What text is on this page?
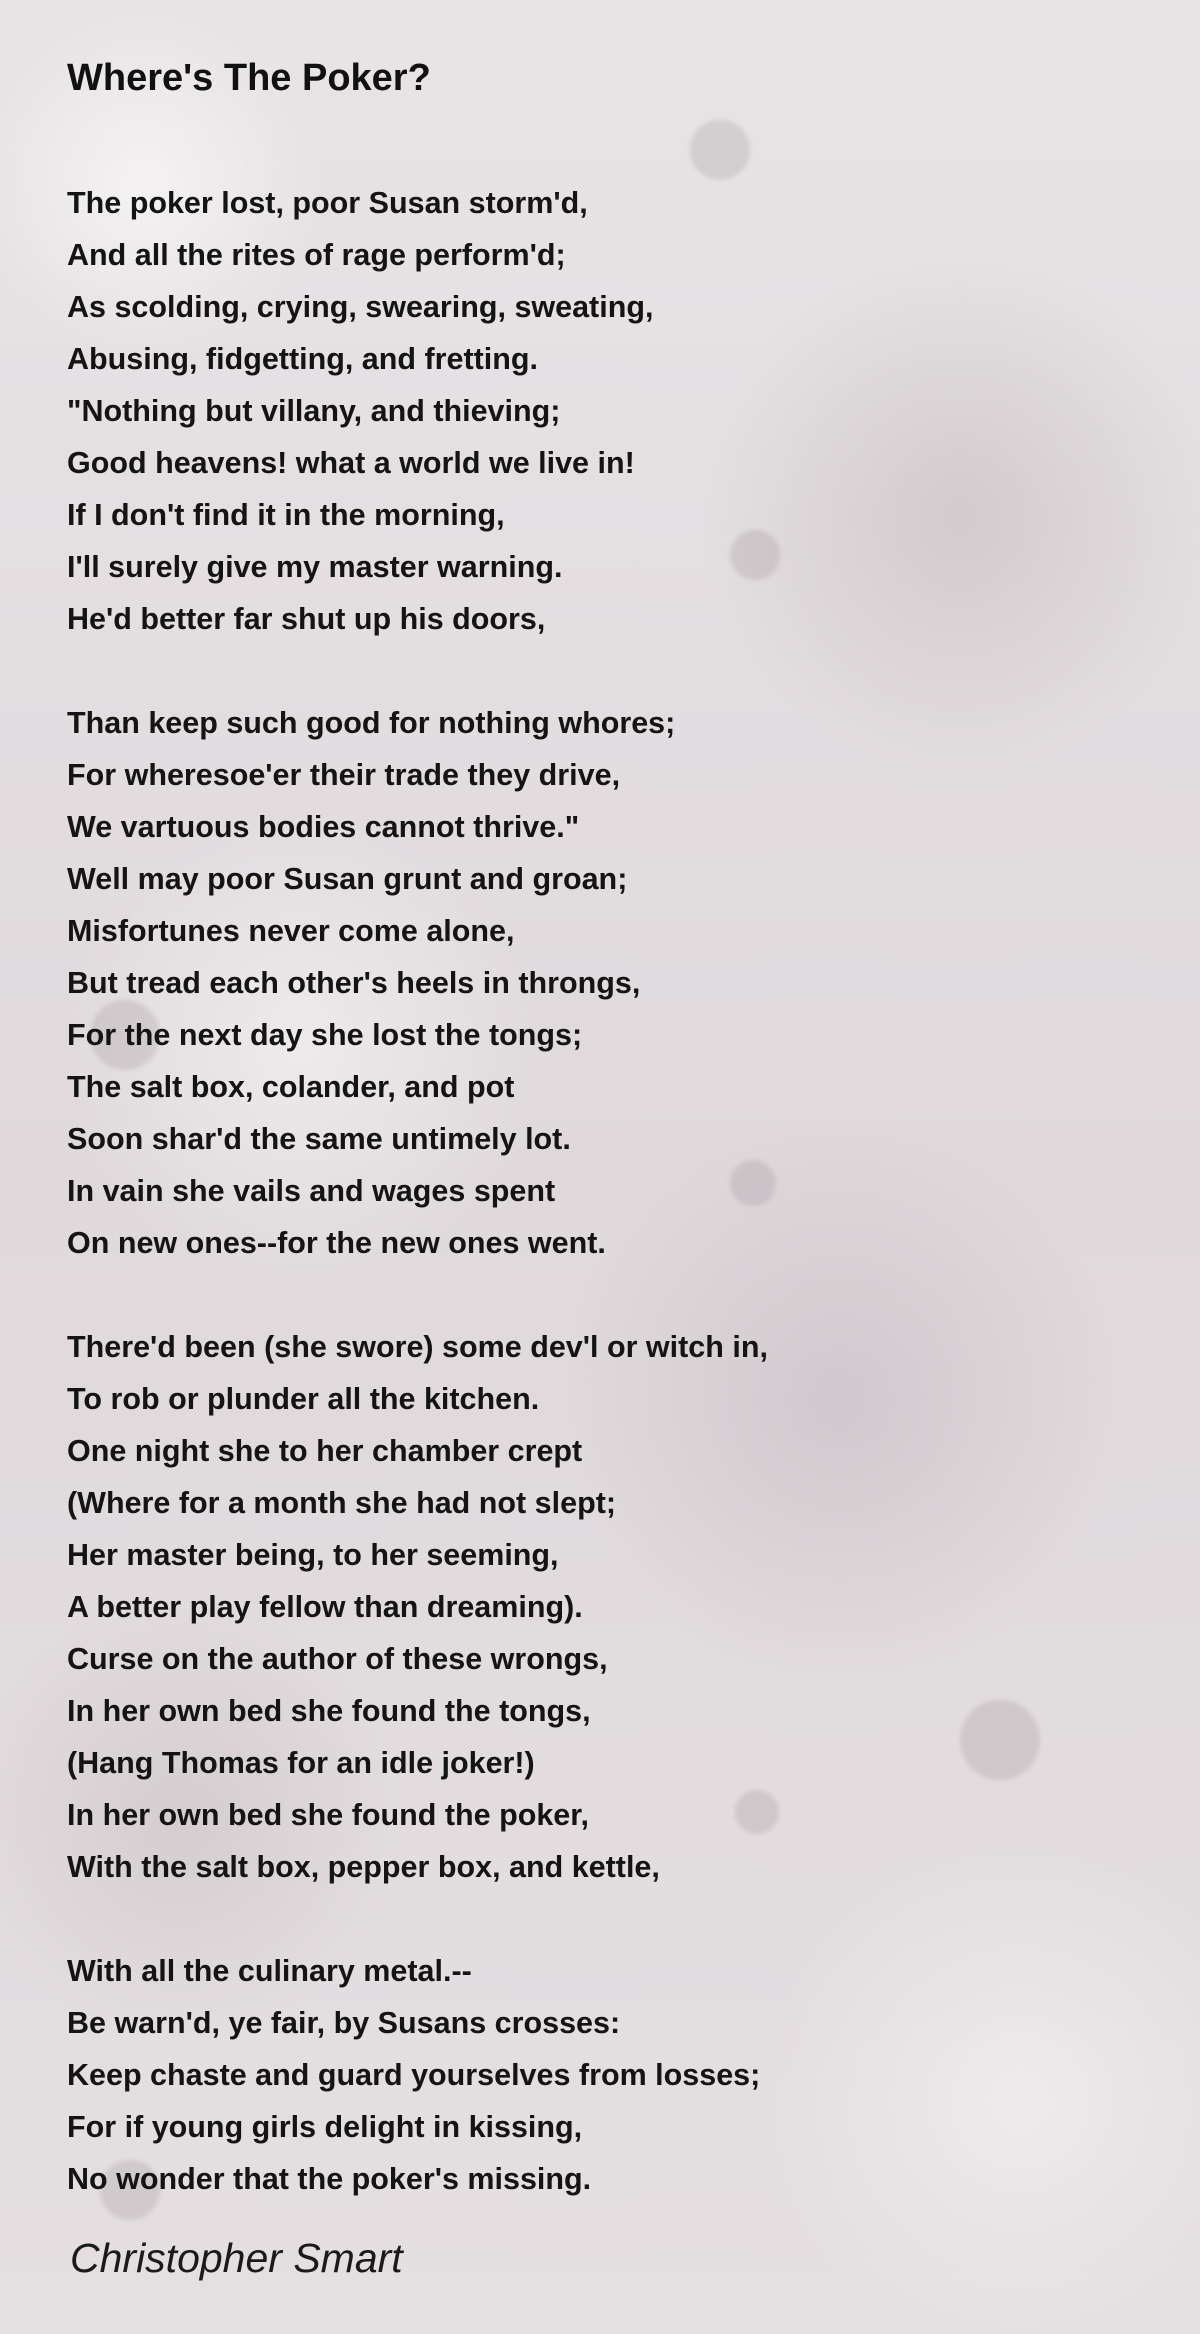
Where's The Poker?
The poker lost, poor Susan storm'd,
And all the rites of rage perform'd;
As scolding, crying, swearing, sweating,
Abusing, fidgetting, and fretting.
"Nothing but villany, and thieving;
Good heavens! what a world we live in!
If I don't find it in the morning,
I'll surely give my master warning.
He'd better far shut up his doors,
Than keep such good for nothing whores;
For wheresoe'er their trade they drive,
We vartuous bodies cannot thrive."
Well may poor Susan grunt and groan;
Misfortunes never come alone,
But tread each other's heels in throngs,
For the next day she lost the tongs;
The salt box, colander, and pot
Soon shar'd the same untimely lot.
In vain she vails and wages spent
On new ones--for the new ones went.
There'd been (she swore) some dev'l or witch in,
To rob or plunder all the kitchen.
One night she to her chamber crept
(Where for a month she had not slept;
Her master being, to her seeming,
A better play fellow than dreaming).
Curse on the author of these wrongs,
In her own bed she found the tongs,
(Hang Thomas for an idle joker!)
In her own bed she found the poker,
With the salt box, pepper box, and kettle,
With all the culinary metal.--
Be warn'd, ye fair, by Susans crosses:
Keep chaste and guard yourselves from losses;
For if young girls delight in kissing,
No wonder that the poker's missing.
Christopher Smart
